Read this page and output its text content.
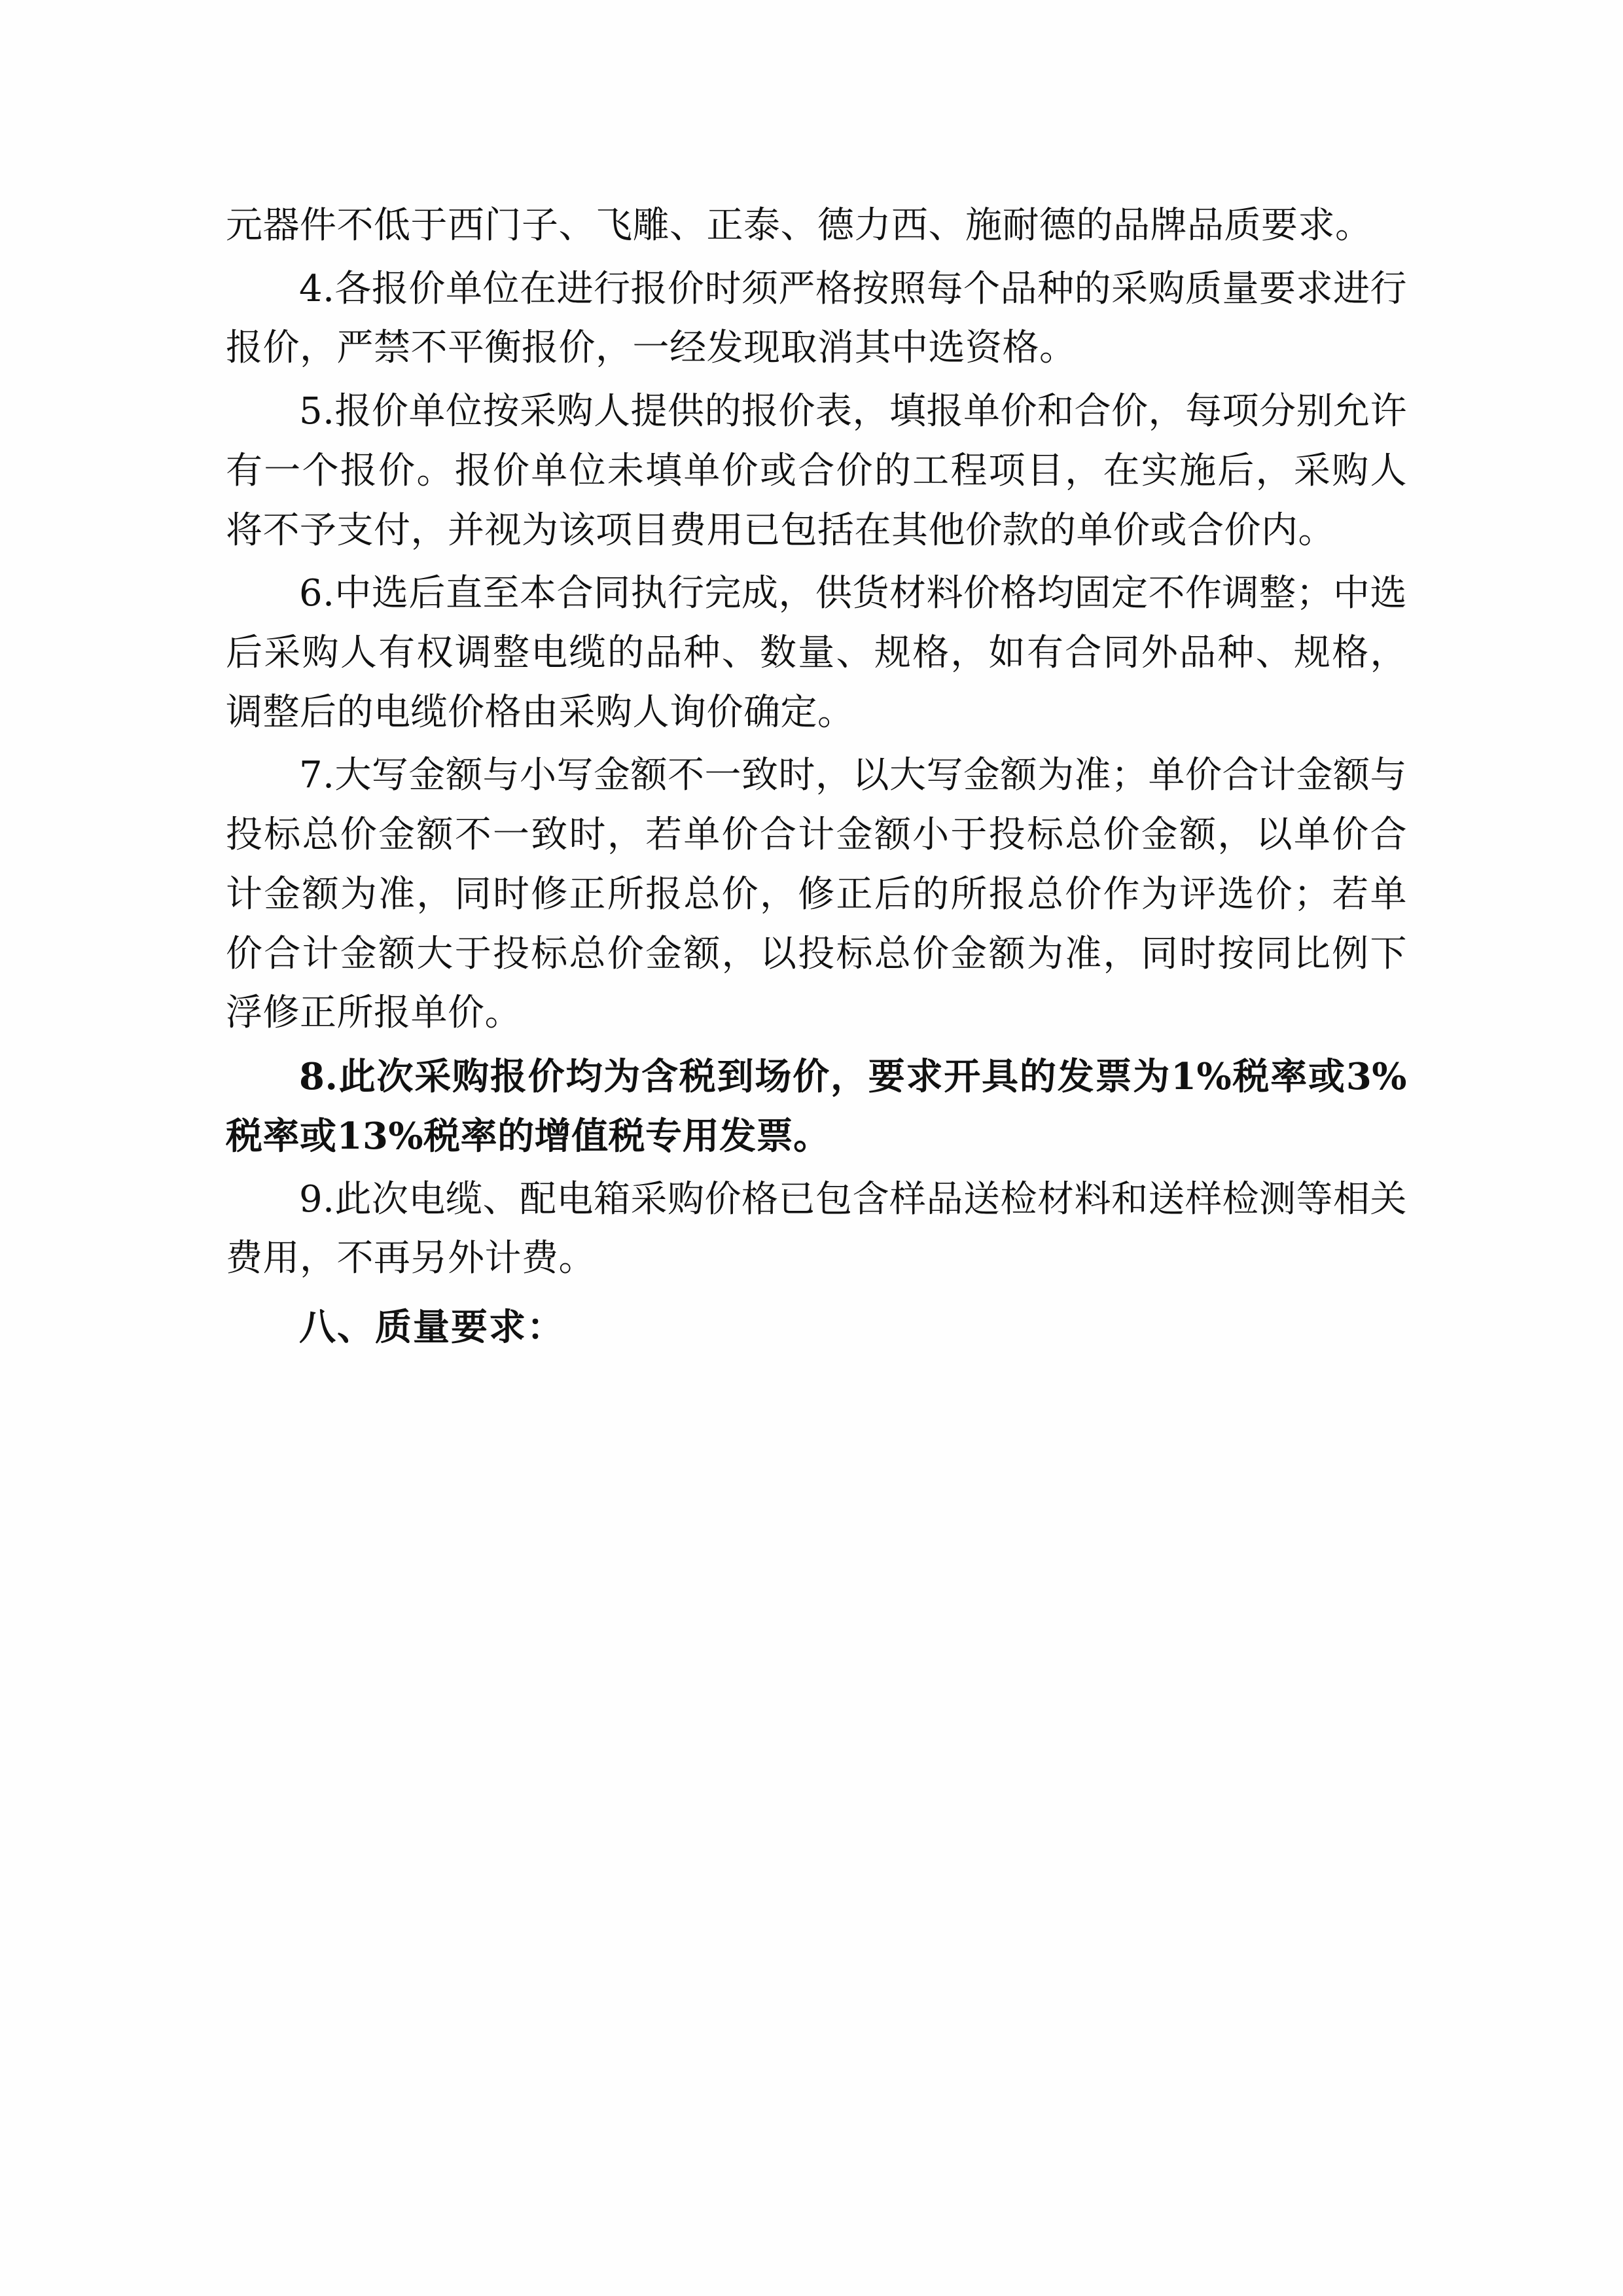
元器件不低于西门子、飞雕、正泰、德力西、施耐德的品牌品质要求。

4.各报价单位在进行报价时须严格按照每个品种的采购质量要求进行报价，严禁不平衡报价，一经发现取消其中选资格。

5.报价单位按采购人提供的报价表，填报单价和合价，每项分别允许有一个报价。报价单位未填单价或合价的工程项目，在实施后，采购人将不予支付，并视为该项目费用已包括在其他价款的单价或合价内。

6.中选后直至本合同执行完成，供货材料价格均固定不作调整；中选后采购人有权调整电缆的品种、数量、规格，如有合同外品种、规格，调整后的电缆价格由采购人询价确定。

7.大写金额与小写金额不一致时，以大写金额为准；单价合计金额与投标总价金额不一致时，若单价合计金额小于投标总价金额，以单价合计金额为准，同时修正所报总价，修正后的所报总价作为评选价；若单价合计金额大于投标总价金额，以投标总价金额为准，同时按同比例下浮修正所报单价。

8.此次采购报价均为含税到场价，要求开具的发票为1%税率或3%税率或13%税率的增值税专用发票。

9.此次电缆、配电箱采购价格已包含样品送检材料和送样检测等相关费用，不再另外计费。

八、质量要求：
